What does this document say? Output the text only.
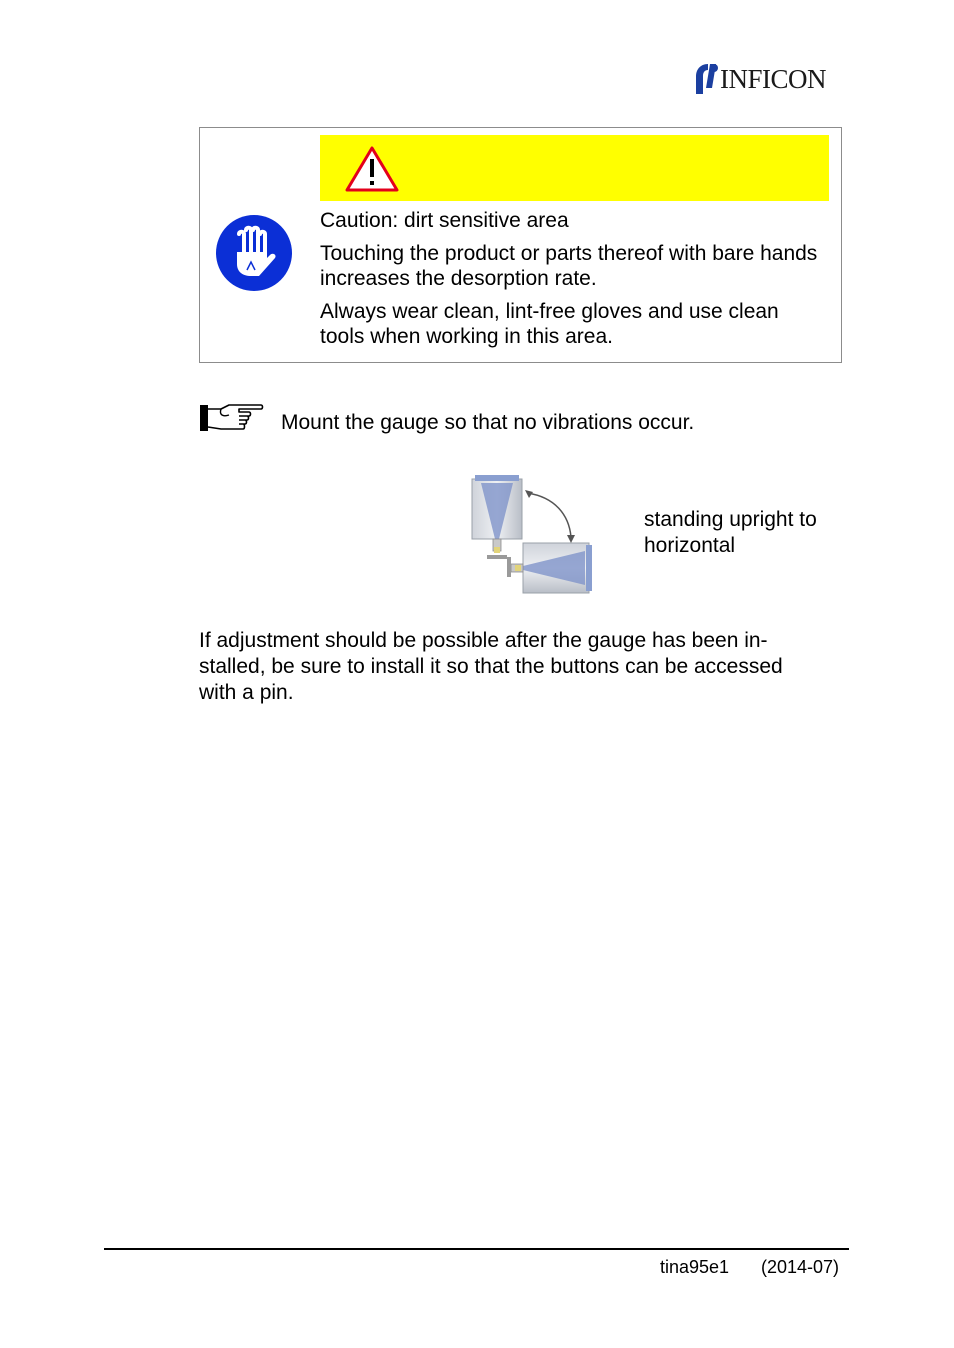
INFICON
Caution: dirt sensitive area
Touching the product or parts thereof with bare hands increases the desorption rate.
Always wear clean, lint-free gloves and use clean tools when working in this area.
Mount the gauge so that no vibrations occur.
standing upright to
horizontal
If adjustment should be possible after the gauge has been in-
stalled, be sure to install it so that the buttons can be accessed
with a pin.
tina95e1 (2014-07)
